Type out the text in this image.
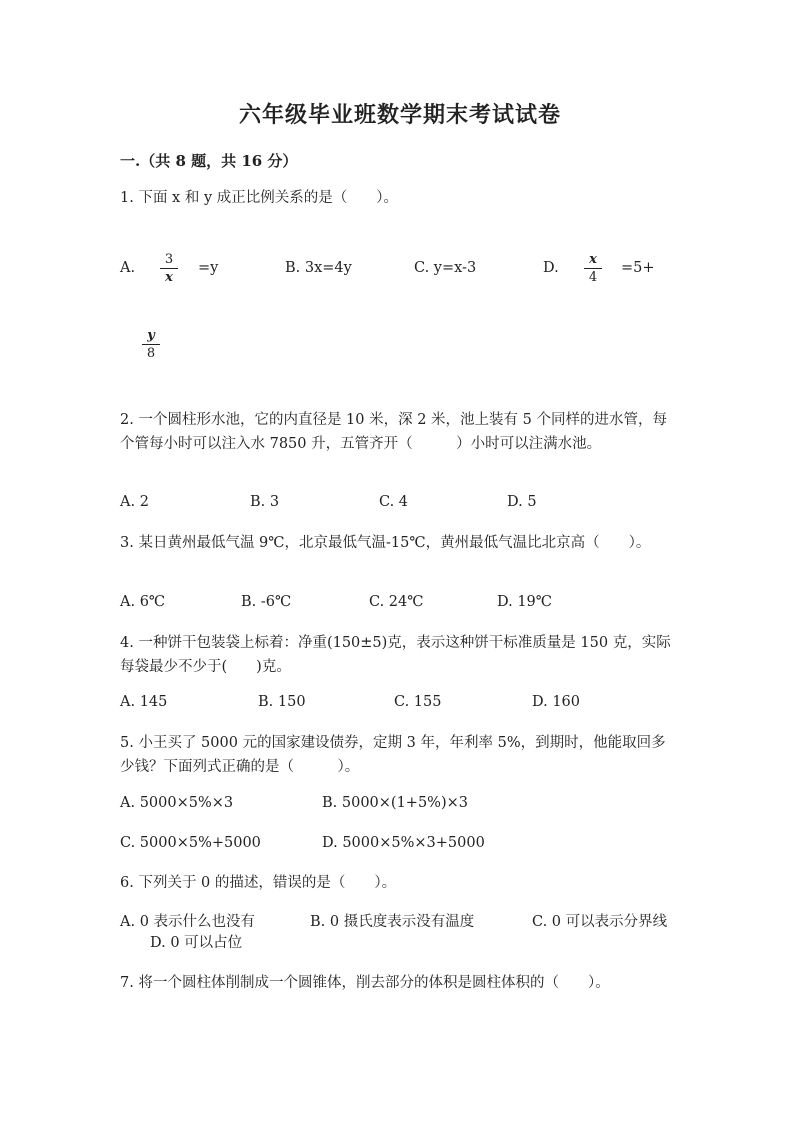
六年级毕业班数学期末考试试卷
一.（共 8 题，共 16 分）
1. 下面 x 和 y 成正比例关系的是（　　）。
A. $\frac{3}{x} =y$	B. 3x=4y	C. y=x-3	D. $\frac{x}{4} =5+$
$\frac{y}{8}$
2. 一个圆柱形水池，它的内直径是 10 米，深 2 米，池上装有 5 个同样的进水管，每个管每小时可以注入水 7850 升，五管齐开（　　　）小时可以注满水池。
A. 2	B. 3	C. 4	D. 5
3. 某日黄州最低气温 9℃，北京最低气温-15℃，黄州最低气温比北京高（　　）。
A. 6℃	B. -6℃	C. 24℃	D. 19℃
4. 一种饼干包装袋上标着：净重(150±5)克，表示这种饼干标准质量是 150 克，实际每袋最少不少于(　　)克。
A. 145	B. 150	C. 155	D. 160
5. 小王买了 5000 元的国家建设债券，定期 3 年，年利率 5%，到期时，他能取回多少钱？下面列式正确的是（　　　）。
A. 5000×5%×3	B. 5000×(1+5%)×3
C. 5000×5%+5000	D. 5000×5%×3+5000
6. 下列关于 0 的描述，错误的是（　　）。
A. 0 表示什么也没有	B. 0 摄氏度表示没有温度	C. 0 可以表示分界线
D. 0 可以占位
7. 将一个圆柱体削制成一个圆锥体，削去部分的体积是圆柱体积的（　　）。
